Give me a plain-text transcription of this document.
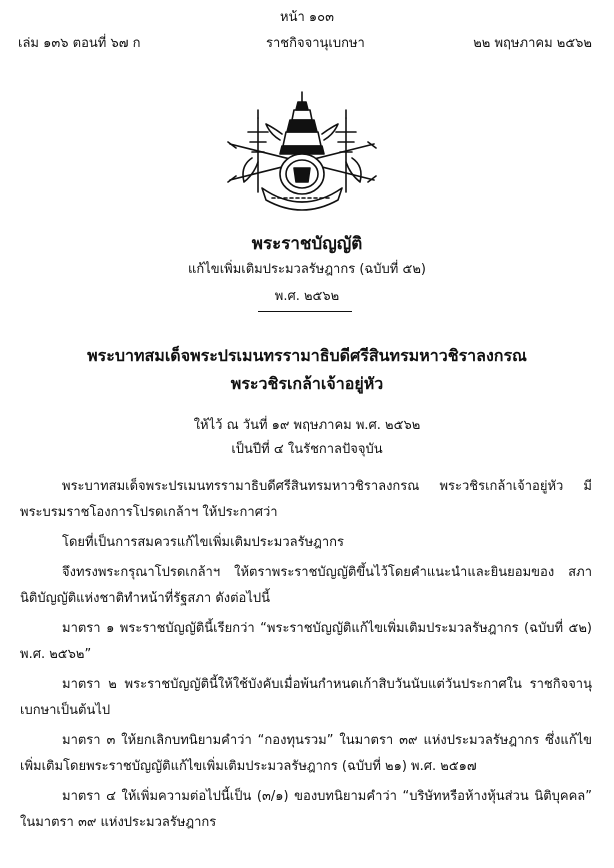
หน้า ๑๐๓
เล่ม ๑๓๖ ตอนที่ ๖๗ ก	ราชกิจจานุเบกษา	๒๒ พฤษภาคม ๒๕๖๒
พระราชบัญญัติ
แก้ไขเพิ่มเติมประมวลรัษฎากร (ฉบับที่ ๕๒)
พ.ศ. ๒๕๖๒
พระบาทสมเด็จพระปรเมนทรรามาธิบดีศรีสินทรมหาวชิราลงกรณ
พระวชิรเกล้าเจ้าอยู่หัว
ให้ไว้ ณ วันที่ ๑๙ พฤษภาคม พ.ศ. ๒๕๖๒
เป็นปีที่ ๔ ในรัชกาลปัจจุบัน

พระบาทสมเด็จพระปรเมนทรรามาธิบดีศรีสินทรมหาวชิราลงกรณ พระวชิรเกล้าเจ้าอยู่หัว มีพระบรมราชโองการโปรดเกล้าฯ ให้ประกาศว่า

โดยที่เป็นการสมควรแก้ไขเพิ่มเติมประมวลรัษฎากร

จึงทรงพระกรุณาโปรดเกล้าฯ ให้ตราพระราชบัญญัติขึ้นไว้โดยคำแนะนำและยินยอมของ สภานิติบัญญัติแห่งชาติทำหน้าที่รัฐสภา ดังต่อไปนี้

มาตรา ๑ พระราชบัญญัตินี้เรียกว่า “พระราชบัญญัติแก้ไขเพิ่มเติมประมวลรัษฎากร (ฉบับที่ ๕๒) พ.ศ. ๒๕๖๒”

มาตรา ๒ พระราชบัญญัตินี้ให้ใช้บังคับเมื่อพ้นกำหนดเก้าสิบวันนับแต่วันประกาศใน ราชกิจจานุเบกษาเป็นต้นไป

มาตรา ๓ ให้ยกเลิกบทนิยามคำว่า “กองทุนรวม” ในมาตรา ๓๙ แห่งประมวลรัษฎากร ซึ่งแก้ไขเพิ่มเติมโดยพระราชบัญญัติแก้ไขเพิ่มเติมประมวลรัษฎากร (ฉบับที่ ๒๑) พ.ศ. ๒๕๑๗

มาตรา ๔ ให้เพิ่มความต่อไปนี้เป็น (๓/๑) ของบทนิยามคำว่า “บริษัทหรือห้างหุ้นส่วน นิติบุคคล” ในมาตรา ๓๙ แห่งประมวลรัษฎากร
